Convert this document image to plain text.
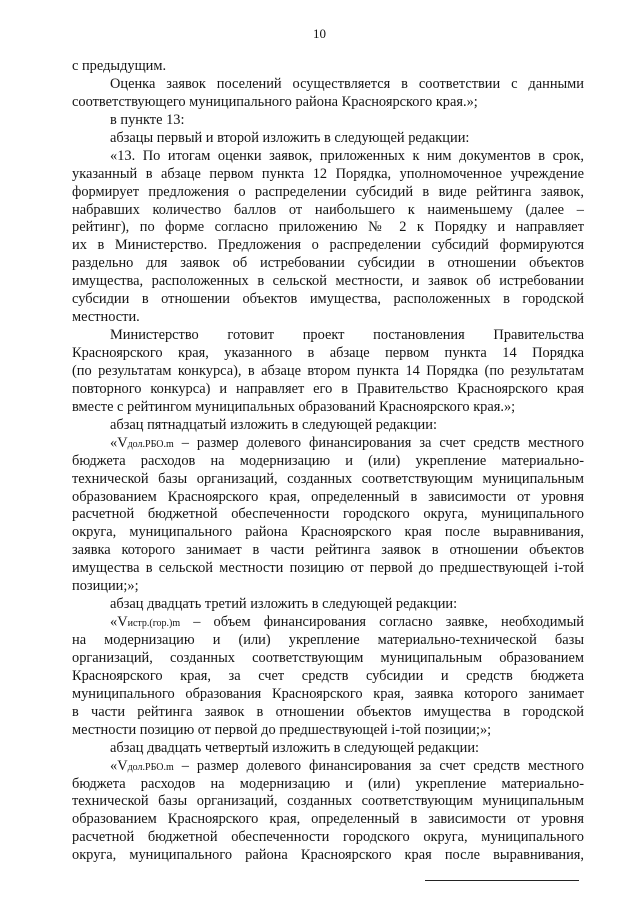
10
с предыдущим.
Оценка заявок поселений осуществляется в соответствии с данными
соответствующего муниципального района Красноярского края.»;
в пункте 13:
абзацы первый и второй изложить в следующей редакции:
«13. По итогам оценки заявок, приложенных к ним документов в срок,
указанный в абзаце первом пункта 12 Порядка, уполномоченное учреждение
формирует предложения о распределении субсидий в виде рейтинга заявок,
набравших количество баллов от наибольшего к наименьшему (далее –
рейтинг), по форме согласно приложению № 2 к Порядку и направляет
их в Министерство. Предложения о распределении субсидий формируются
раздельно для заявок об истребовании субсидии в отношении объектов
имущества, расположенных в сельской местности, и заявок об истребовании
субсидии в отношении объектов имущества, расположенных в городской
местности.
Министерство готовит проект постановления Правительства
Красноярского края, указанного в абзаце первом пункта 14 Порядка
(по результатам конкурса), в абзаце втором пункта 14 Порядка (по результатам
повторного конкурса) и направляет его в Правительство Красноярского края
вместе с рейтингом муниципальных образований Красноярского края.»;
абзац пятнадцатый изложить в следующей редакции:
«Vдол.РБО.m – размер долевого финансирования за счет средств местного
бюджета расходов на модернизацию и (или) укрепление материально-
технической базы организаций, созданных соответствующим муниципальным
образованием Красноярского края, определенный в зависимости от уровня
расчетной бюджетной обеспеченности городского округа, муниципального
округа, муниципального района Красноярского края после выравнивания,
заявка которого занимает в части рейтинга заявок в отношении объектов
имущества в сельской местности позицию от первой до предшествующей i-той
позиции;»;
абзац двадцать третий изложить в следующей редакции:
«Vистр.(гор.)m – объем финансирования согласно заявке, необходимый
на модернизацию и (или) укрепление материально-технической базы
организаций, созданных соответствующим муниципальным образованием
Красноярского края, за счет средств субсидии и средств бюджета
муниципального образования Красноярского края, заявка которого занимает
в части рейтинга заявок в отношении объектов имущества в городской
местности позицию от первой до предшествующей i-той позиции;»;
абзац двадцать четвертый изложить в следующей редакции:
«Vдол.РБО.m – размер долевого финансирования за счет средств местного
бюджета расходов на модернизацию и (или) укрепление материально-
технической базы организаций, созданных соответствующим муниципальным
образованием Красноярского края, определенный в зависимости от уровня
расчетной бюджетной обеспеченности городского округа, муниципального
округа, муниципального района Красноярского края после выравнивания,
